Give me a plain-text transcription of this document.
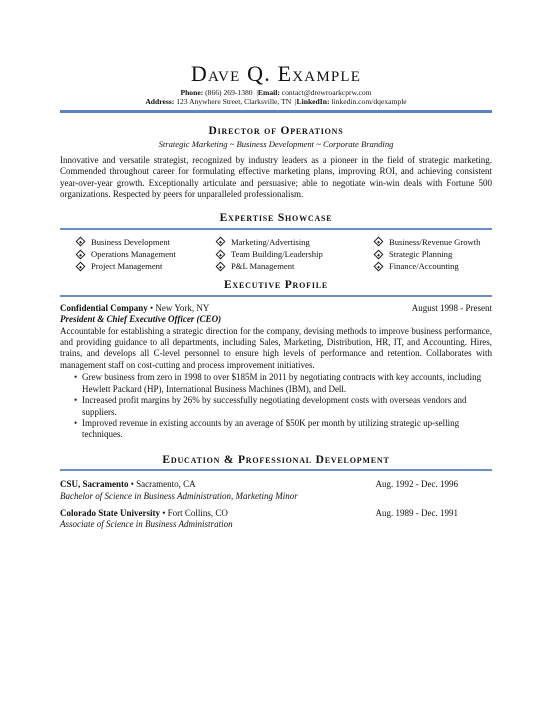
Dave Q. Example
Phone: (866) 269-1380  |Email: contact@drewroarkcprw.com
Address: 123 Anywhere Street, Clarksville, TN  |LinkedIn: linkedin.com/dqexample
Director of Operations
Strategic Marketing ~ Business Development ~ Corporate Branding
Innovative and versatile strategist, recognized by industry leaders as a pioneer in the field of strategic marketing. Commended throughout career for formulating effective marketing plans, improving ROI, and achieving consistent year-over-year growth. Exceptionally articulate and persuasive; able to negotiate win-win deals with Fortune 500 organizations. Respected by peers for unparalleled professionalism.
Expertise Showcase
Business Development	Marketing/Advertising	Business/Revenue Growth
Operations Management	Team Building/Leadership	Strategic Planning
Project Management	P&L Management	Finance/Accounting
Executive Profile
Confidential Company • New York, NY	August 1998 - Present
President & Chief Executive Officer (CEO)
Accountable for establishing a strategic direction for the company, devising methods to improve business performance, and providing guidance to all departments, including Sales, Marketing, Distribution, HR, IT, and Accounting. Hires, trains, and develops all C-level personnel to ensure high levels of performance and retention. Collaborates with management staff on cost-cutting and process improvement initiatives.
• Grew business from zero in 1998 to over $185M in 2011 by negotiating contracts with key accounts, including Hewlett Packard (HP), International Business Machines (IBM), and Dell.
• Increased profit margins by 26% by successfully negotiating development costs with overseas vendors and suppliers.
• Improved revenue in existing accounts by an average of $50K per month by utilizing strategic up-selling techniques.
Education & Professional Development
CSU, Sacramento • Sacramento, CA	Aug. 1992 - Dec. 1996
Bachelor of Science in Business Administration, Marketing Minor
Colorado State University • Fort Collins, CO	Aug. 1989 - Dec. 1991
Associate of Science in Business Administration
